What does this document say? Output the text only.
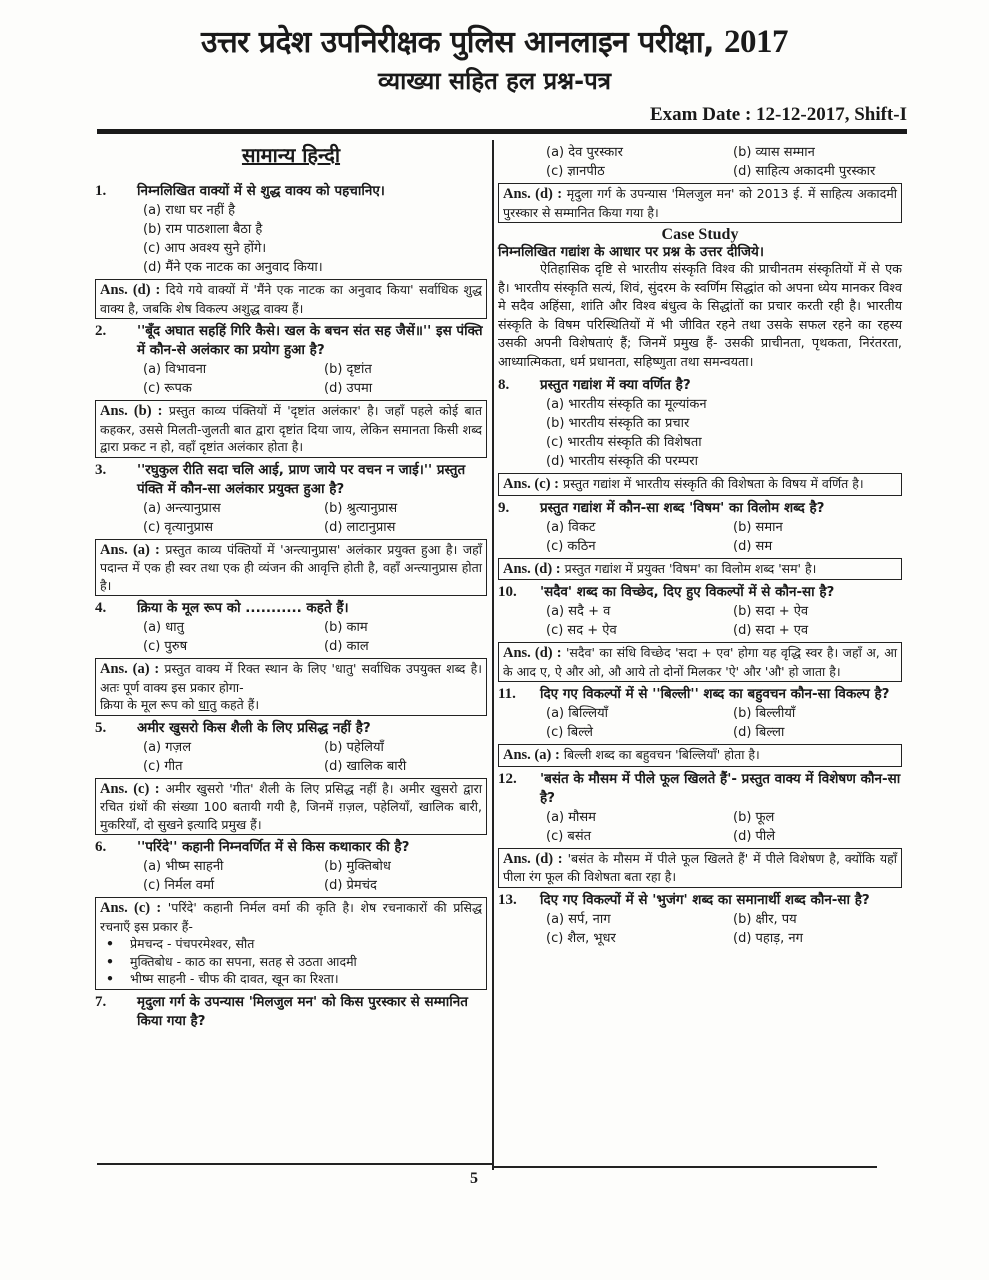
उत्तर प्रदेश उपनिरीक्षक पुलिस आनलाइन परीक्षा, 2017
व्याख्या सहित हल प्रश्न-पत्र
Exam Date : 12-12-2017, Shift-I
5
सामान्य हिन्दी
1.	निम्नलिखित वाक्यों में से शुद्ध वाक्य को पहचानिए।
(a) राधा घर नहीं है
(b) राम पाठशाला बैठा है
(c) आप अवश्य सुने होंगे।
(d) मैंने एक नाटक का अनुवाद किया।
Ans. (d) : दिये गये वाक्यों में 'मैंने एक नाटक का अनुवाद किया' सर्वाधिक शुद्ध वाक्य है, जबकि शेष विकल्प अशुद्ध वाक्य हैं।
2.	''बूँद अघात सहहिं गिरि कैसे। खल के बचन संत सह जैसें॥'' इस पंक्ति में कौन-से अलंकार का प्रयोग हुआ है?
(a) विभावना	(b) दृष्टांत
(c) रूपक	(d) उपमा
Ans. (b) : प्रस्तुत काव्य पंक्तियों में 'दृष्टांत अलंकार' है। जहाँ पहले कोई बात कहकर, उससे मिलती-जुलती बात द्वारा दृष्टांत दिया जाय, लेकिन समानता किसी शब्द द्वारा प्रकट न हो, वहाँ दृष्टांत अलंकार होता है।
3.	''रघुकुल रीति सदा चलि आई, प्राण जाये पर वचन न जाई।'' प्रस्तुत पंक्ति में कौन-सा अलंकार प्रयुक्त हुआ है?
(a) अन्त्यानुप्रास	(b) श्रुत्यानुप्रास
(c) वृत्यानुप्रास	(d) लाटानुप्रास
Ans. (a) : प्रस्तुत काव्य पंक्तियों में 'अन्त्यानुप्रास' अलंकार प्रयुक्त हुआ है। जहाँ पदान्त में एक ही स्वर तथा एक ही व्यंजन की आवृत्ति होती है, वहाँ अन्त्यानुप्रास होता है।
4.	क्रिया के मूल रूप को ........... कहते हैं।
(a) धातु	(b) काम
(c) पुरुष	(d) काल
Ans. (a) : प्रस्तुत वाक्य में रिक्त स्थान के लिए 'धातु' सर्वाधिक उपयुक्त शब्द है। अतः पूर्ण वाक्य इस प्रकार होगा-
क्रिया के मूल रूप को धातु कहते हैं।
5.	अमीर खुसरो किस शैली के लिए प्रसिद्ध नहीं है?
(a) गज़ल	(b) पहेलियाँ
(c) गीत	(d) खालिक बारी
Ans. (c) : अमीर खुसरो 'गीत' शैली के लिए प्रसिद्ध नहीं है। अमीर खुसरो द्वारा रचित ग्रंथों की संख्या 100 बतायी गयी है, जिनमें ग़ज़ल, पहेलियाँ, खालिक बारी, मुकरियाँ, दो सुखने इत्यादि प्रमुख हैं।
6.	''परिंदे'' कहानी निम्नवर्णित में से किस कथाकार की है?
(a) भीष्म साहनी	(b) मुक्तिबोध
(c) निर्मल वर्मा	(d) प्रेमचंद
Ans. (c) : 'परिंदे' कहानी निर्मल वर्मा की कृति है। शेष रचनाकारों की प्रसिद्ध रचनाएँ इस प्रकार हैं-
• प्रेमचन्द - पंचपरमेश्वर, सौत
• मुक्तिबोध - काठ का सपना, सतह से उठता आदमी
• भीष्म साहनी - चीफ की दावत, खून का रिश्ता।
7.	मृदुला गर्ग के उपन्यास 'मिलजुल मन' को किस पुरस्कार से सम्मानित किया गया है?
(a) देव पुरस्कार	(b) व्यास सम्मान
(c) ज्ञानपीठ	(d) साहित्य अकादमी पुरस्कार
Ans. (d) : मृदुला गर्ग के उपन्यास 'मिलजुल मन' को 2013 ई. में साहित्य अकादमी पुरस्कार से सम्मानित किया गया है।
Case Study
निम्नलिखित गद्यांश के आधार पर प्रश्न के उत्तर दीजिये।
ऐतिहासिक दृष्टि से भारतीय संस्कृति विश्व की प्राचीनतम संस्कृतियों में से एक है। भारतीय संस्कृति सत्यं, शिवं, सुंदरम के स्वर्णिम सिद्धांत को अपना ध्येय मानकर विश्व मे सदैव अहिंसा, शांति और विश्व बंधुत्व के सिद्धांतों का प्रचार करती रही है। भारतीय संस्कृति के विषम परिस्थितियों में भी जीवित रहने तथा उसके सफल रहने का रहस्य उसकी अपनी विशेषताएं हैं; जिनमें प्रमुख हैं- उसकी प्राचीनता, पृथकता, निरंतरता, आध्यात्मिकता, धर्म प्रधानता, सहिष्णुता तथा समन्वयता।
8.	प्रस्तुत गद्यांश में क्या वर्णित है?
(a) भारतीय संस्कृति का मूल्यांकन
(b) भारतीय संस्कृति का प्रचार
(c) भारतीय संस्कृति की विशेषता
(d) भारतीय संस्कृति की परम्परा
Ans. (c) : प्रस्तुत गद्यांश में भारतीय संस्कृति की विशेषता के विषय में वर्णित है।
9.	प्रस्तुत गद्यांश में कौन-सा शब्द 'विषम' का विलोम शब्द है?
(a) विकट	(b) समान
(c) कठिन	(d) सम
Ans. (d) : प्रस्तुत गद्यांश में प्रयुक्त 'विषम' का विलोम शब्द 'सम' है।
10.	'सदैव' शब्द का विच्छेद, दिए हुए विकल्पों में से कौन-सा है?
(a) सदै + व	(b) सदा + ऐव
(c) सद + ऐव	(d) सदा + एव
Ans. (d) : 'सदैव' का संधि विच्छेद 'सदा + एव' होगा यह वृद्धि स्वर है। जहाँ अ, आ के आद ए, ऐ और ओ, औ आये तो दोनों मिलकर 'ऐ' और 'औ' हो जाता है।
11.	दिए गए विकल्पों में से ''बिल्ली'' शब्द का बहुवचन कौन-सा विकल्प है?
(a) बिल्लियाँ	(b) बिल्लीयाँ
(c) बिल्ले	(d) बिल्ला
Ans. (a) : बिल्ली शब्द का बहुवचन 'बिल्लियाँ' होता है।
12.	'बसंत के मौसम में पीले फूल खिलते हैं'- प्रस्तुत वाक्य में विशेषण कौन-सा है?
(a) मौसम	(b) फूल
(c) बसंत	(d) पीले
Ans. (d) : 'बसंत के मौसम में पीले फूल खिलते हैं' में पीले विशेषण है, क्योंकि यहाँ पीला रंग फूल की विशेषता बता रहा है।
13.	दिए गए विकल्पों में से 'भुजंग' शब्द का समानार्थी शब्द कौन-सा है?
(a) सर्प, नाग	(b) क्षीर, पय
(c) शैल, भूधर	(d) पहाड़, नग
